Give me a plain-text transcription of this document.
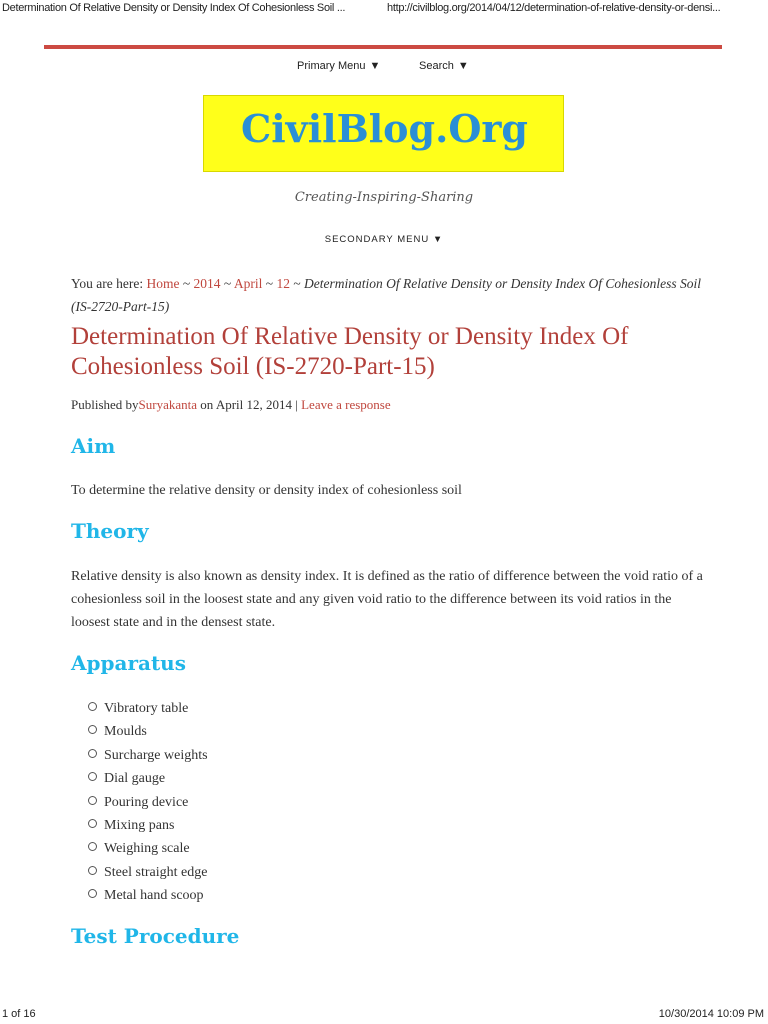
Determination Of Relative Density or Density Index Of Cohesionless Soil ...	http://civilblog.org/2014/04/12/determination-of-relative-density-or-densi...
Primary Menu ▼	Search ▼
CivilBlog.Org
Creating-Inspiring-Sharing
SECONDARY MENU ▼
You are here: Home ~ 2014 ~ April ~ 12 ~ Determination Of Relative Density or Density Index Of Cohesionless Soil (IS-2720-Part-15)
Determination Of Relative Density or Density Index Of Cohesionless Soil (IS-2720-Part-15)
Published bySuryakanta on April 12, 2014 | Leave a response
Aim

To determine the relative density or density index of cohesionless soil

Theory

Relative density is also known as density index. It is defined as the ratio of difference between the void ratio of a cohesionless soil in the loosest state and any given void ratio to the difference between its void ratios in the loosest state and in the densest state.

Apparatus
Vibratory table
Moulds
Surcharge weights
Dial gauge
Pouring device
Mixing pans
Weighing scale
Steel straight edge
Metal hand scoop
Test Procedure
1 of 16	10/30/2014 10:09 PM
